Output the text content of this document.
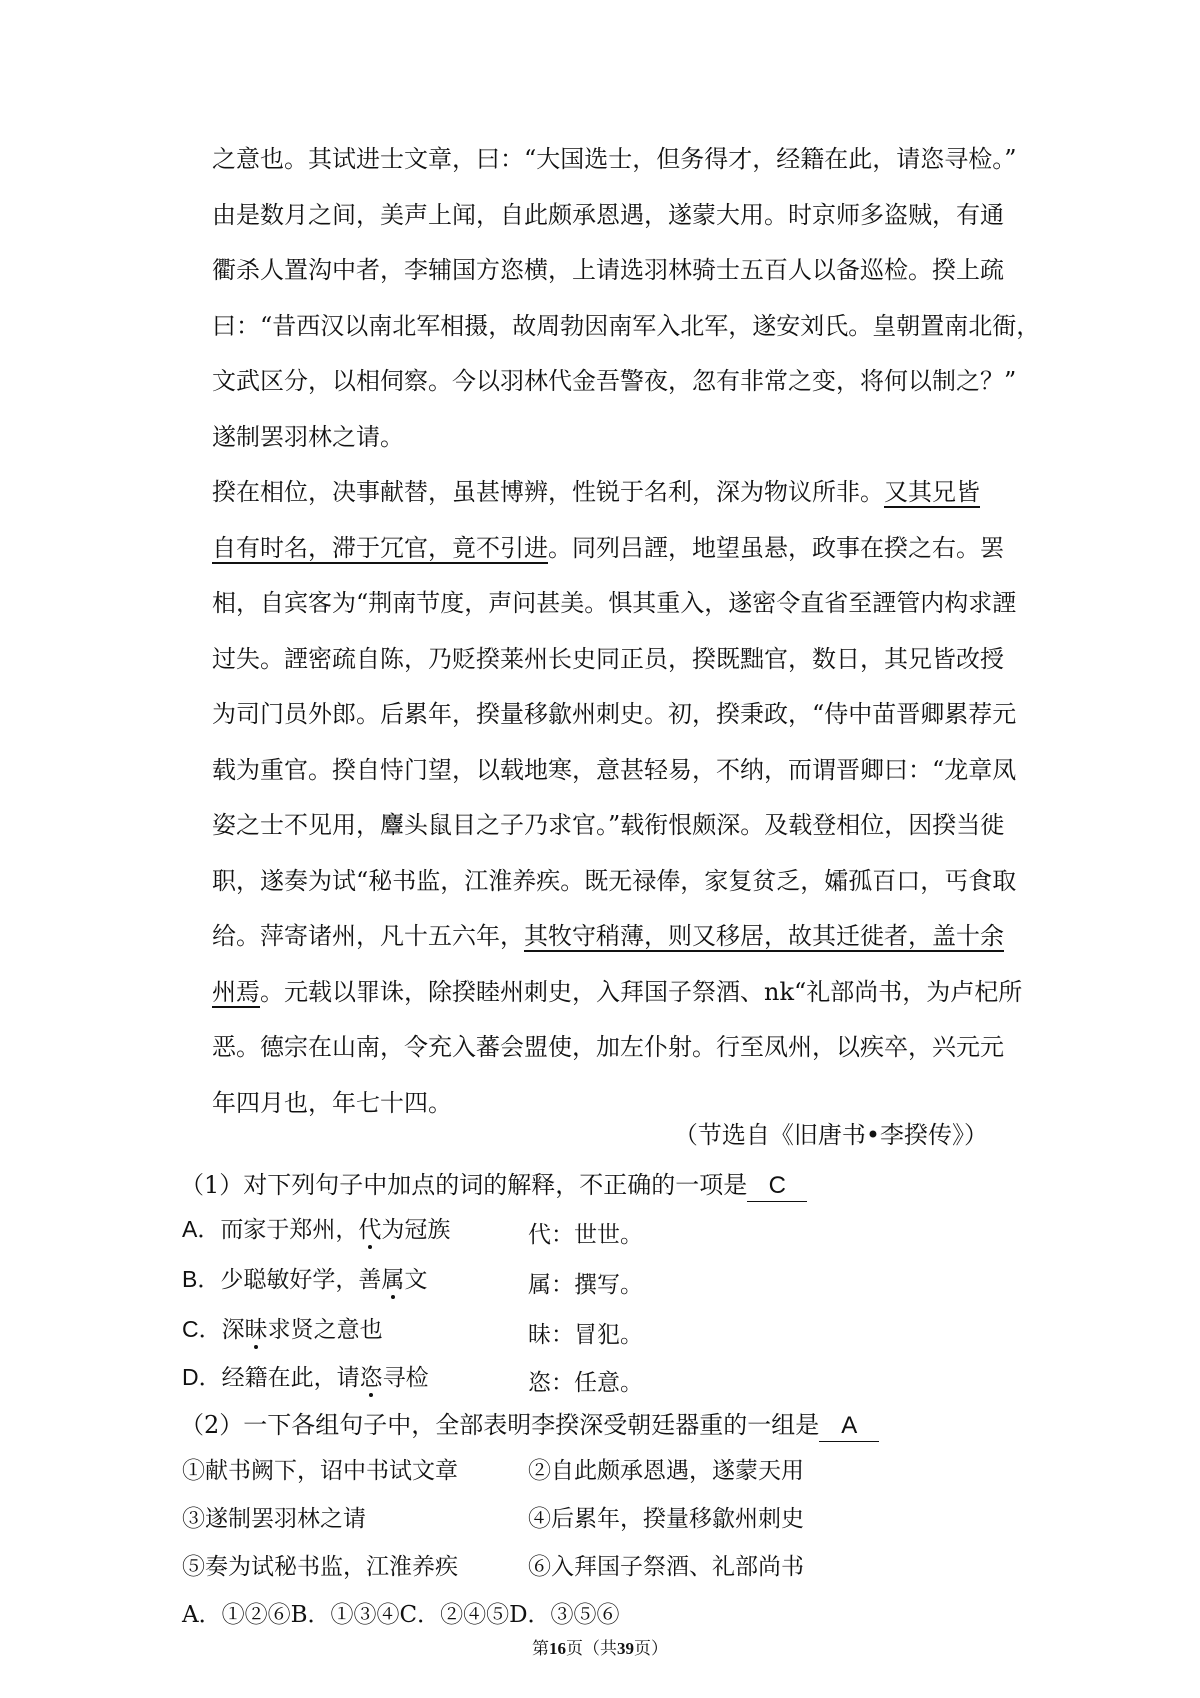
之意也。其试进士文章，曰：“大国选士，但务得才，经籍在此，请恣寻检。”
由是数月之间，美声上闻，自此颇承恩遇，遂蒙大用。时京师多盗贼，有通
衢杀人置沟中者，李辅国方恣横，上请选羽林骑士五百人以备巡检。揆上疏
曰：“昔西汉以南北军相摄，故周勃因南军入北军，遂安刘氏。皇朝置南北衙，
文武区分，以相伺察。今以羽林代金吾警夜，忽有非常之变，将何以制之？”
遂制罢羽林之请。
揆在相位，决事献替，虽甚博辨，性锐于名利，深为物议所非。又其兄皆
自有时名，滞于冗官，竟不引进。同列吕諲，地望虽悬，政事在揆之右。罢
相，自宾客为“荆南节度，声问甚美。惧其重入，遂密令直省至諲管内构求諲
过失。諲密疏自陈，乃贬揆莱州长史同正员，揆既黜官，数日，其兄皆改授
为司门员外郎。后累年，揆量移歙州刺史。初，揆秉政，“侍中苗晋卿累荐元
载为重官。揆自恃门望，以载地寒，意甚轻易，不纳，而谓晋卿曰：“龙章凤
姿之士不见用，麞头鼠目之子乃求官。”载衔恨颇深。及载登相位，因揆当徙
职，遂奏为试“秘书监，江淮养疾。既无禄俸，家复贫乏，孀孤百口，丐食取
给。萍寄诸州，凡十五六年，其牧守稍薄，则又移居，故其迁徙者，盖十余
州焉。元载以罪诛，除揆睦州刺史，入拜国子祭酒、nk“礼部尚书，为卢杞所
恶。德宗在山南，令充入蕃会盟使，加左仆射。行至凤州，以疾卒，兴元元
年四月也，年七十四。
（节选自《旧唐书•李揆传》）
（1）对下列句子中加点的词的解释，不正确的一项是 C
A．而家于郑州，代为冠族	代：世世。
B．少聪敏好学，善属文	属：撰写。
C．深昧求贤之意也	昧：冒犯。
D．经籍在此，请恣寻检	恣：任意。
（2）一下各组句子中，全部表明李揆深受朝廷器重的一组是 A
①献书阙下，诏中书试文章	②自此颇承恩遇，遂蒙天用
③遂制罢羽林之请	④后累年，揆量移歙州刺史
⑤奏为试秘书监，江淮养疾	⑥入拜国子祭酒、礼部尚书
A．①②⑥B．①③④C．②④⑤D．③⑤⑥
第16页（共39页）
